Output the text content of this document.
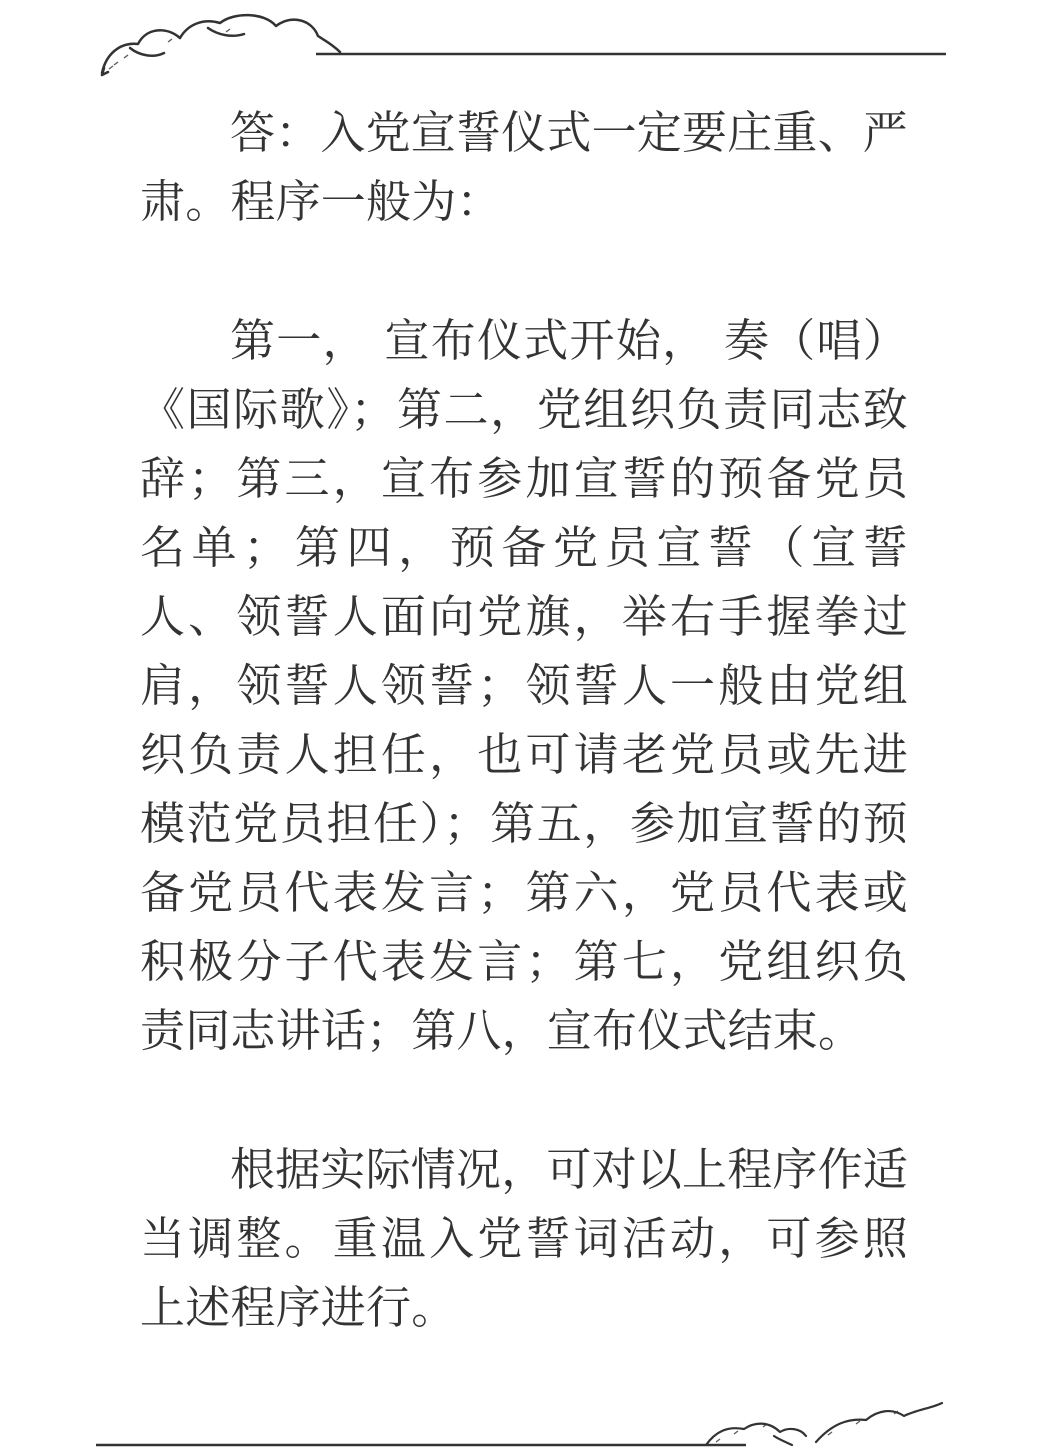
答：入党宣誓仪式一定要庄重、严肃。程序一般为：

第一， 宣布仪式开始， 奏（唱）《国际歌》；第二，党组织负责同志致辞；第三，宣布参加宣誓的预备党员名单；第四，预备党员宣誓（宣誓人、领誓人面向党旗，举右手握拳过肩，领誓人领誓；领誓人一般由党组织负责人担任，也可请老党员或先进模范党员担任）；第五，参加宣誓的预备党员代表发言；第六，党员代表或积极分子代表发言；第七，党组织负责同志讲话；第八，宣布仪式结束。

根据实际情况，可对以上程序作适当调整。重温入党誓词活动，可参照上述程序进行。
